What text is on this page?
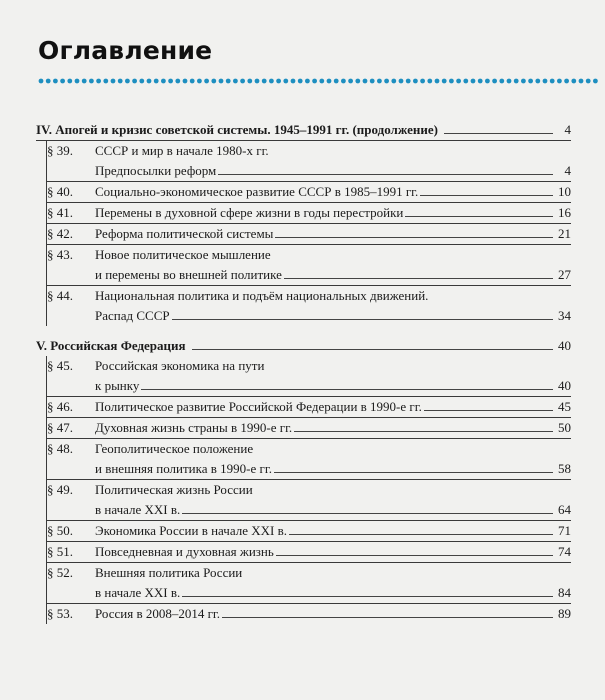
Оглавление
IV. Апогей и кризис советской системы. 1945–1991 гг. (продолжение)	4
§ 39.	СССР и мир в начале 1980-х гг.
Предпосылки реформ	4
§ 40.	Социально-экономическое развитие СССР в 1985–1991 гг.	10
§ 41.	Перемены в духовной сфере жизни в годы перестройки	16
§ 42.	Реформа политической системы	21
§ 43.	Новое политическое мышление
и перемены во внешней политике	27
§ 44.	Национальная политика и подъём национальных движений.
Распад СССР	34
V. Российская Федерация	40
§ 45.	Российская экономика на пути
к рынку	40
§ 46.	Политическое развитие Российской Федерации в 1990-е гг.	45
§ 47.	Духовная жизнь страны в 1990-е гг.	50
§ 48.	Геополитическое положение
и внешняя политика в 1990-е гг.	58
§ 49.	Политическая жизнь России
в начале XXI в.	64
§ 50.	Экономика России в начале XXI в.	71
§ 51.	Повседневная и духовная жизнь	74
§ 52.	Внешняя политика России
в начале XXI в.	84
§ 53.	Россия в 2008–2014 гг.	89
